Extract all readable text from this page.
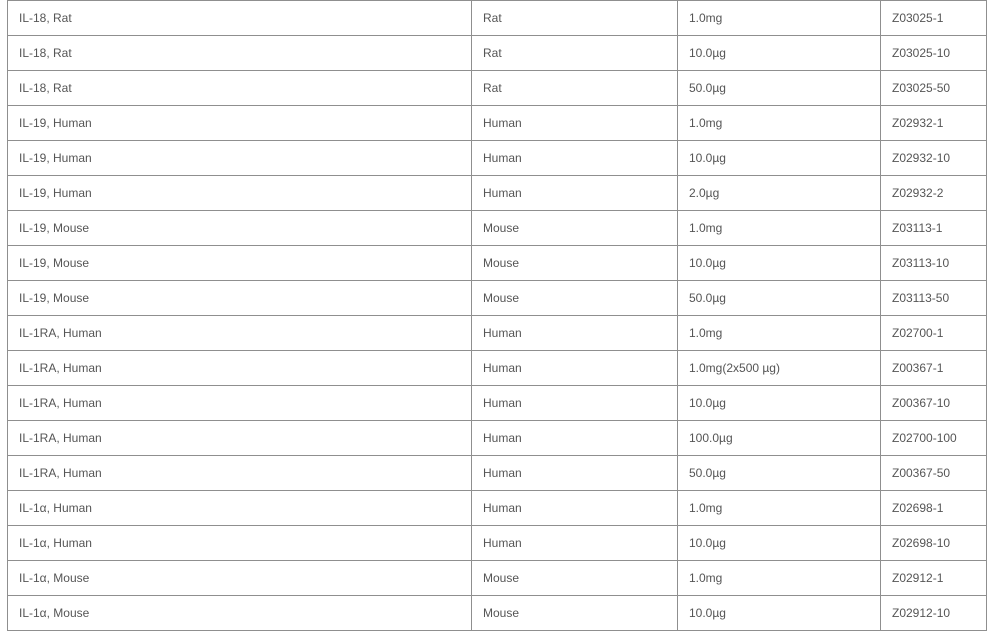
IL-18, Rat	Rat	1.0mg	Z03025-1
IL-18, Rat	Rat	10.0µg	Z03025-10
IL-18, Rat	Rat	50.0µg	Z03025-50
IL-19, Human	Human	1.0mg	Z02932-1
IL-19, Human	Human	10.0µg	Z02932-10
IL-19, Human	Human	2.0µg	Z02932-2
IL-19, Mouse	Mouse	1.0mg	Z03113-1
IL-19, Mouse	Mouse	10.0µg	Z03113-10
IL-19, Mouse	Mouse	50.0µg	Z03113-50
IL-1RA, Human	Human	1.0mg	Z02700-1
IL-1RA, Human	Human	1.0mg(2x500 µg)	Z00367-1
IL-1RA, Human	Human	10.0µg	Z00367-10
IL-1RA, Human	Human	100.0µg	Z02700-100
IL-1RA, Human	Human	50.0µg	Z00367-50
IL-1α, Human	Human	1.0mg	Z02698-1
IL-1α, Human	Human	10.0µg	Z02698-10
IL-1α, Mouse	Mouse	1.0mg	Z02912-1
IL-1α, Mouse	Mouse	10.0µg	Z02912-10
